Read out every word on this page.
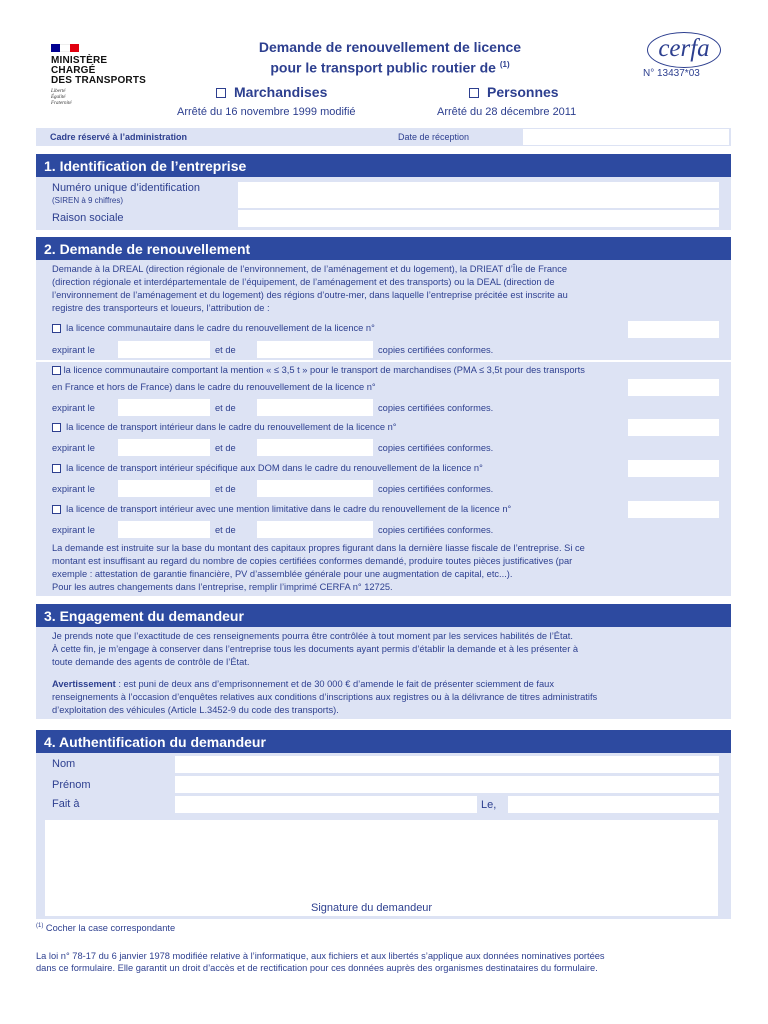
MINISTÈRE
CHARGÉ
DES TRANSPORTS
Liberté
Égalité
Fraternité
Demande de renouvellement de licence
pour le transport public routier de $^{(1)}$
cerfa
N° 13437*03
Marchandises
Arrêté du 16 novembre 1999 modifié
Personnes
Arrêté du 28 décembre 2011
Cadre réservé à l’administration	Date de réception
1. Identification de l’entreprise
Numéro unique d’identification
(SIREN à 9 chiffres)
Raison sociale
2. Demande de renouvellement
Demande à la DREAL (direction régionale de l’environnement, de l’aménagement et du logement), la DRIEAT d’Île de France
(direction régionale et interdépartementale de l’équipement, de l’aménagement et des transports) ou la DEAL (direction de
l’environnement de l’aménagement et du logement) des régions d’outre-mer, dans laquelle l’entreprise précitée est inscrite au
registre des transporteurs et loueurs, l’attribution de :
la licence communautaire dans le cadre du renouvellement de la licence n°
expirant le	et de	copies certifiées conformes.
la licence communautaire comportant la mention « ≤ 3,5 t » pour le transport de marchandises (PMA ≤ 3,5t pour des transports
en France et hors de France) dans le cadre du renouvellement de la licence n°
expirant le	et de	copies certifiées conformes.
la licence de transport intérieur dans le cadre du renouvellement de la licence n°
expirant le	et de	copies certifiées conformes.
la licence de transport intérieur spécifique aux DOM dans le cadre du renouvellement de la licence n°
expirant le	et de	copies certifiées conformes.
la licence de transport intérieur avec une mention limitative dans le cadre du renouvellement de la licence n°
expirant le	et de	copies certifiées conformes.
La demande est instruite sur la base du montant des capitaux propres figurant dans la dernière liasse fiscale de l’entreprise. Si ce
montant est insuffisant au regard du nombre de copies certifiées conformes demandé, produire toutes pièces justificatives (par
exemple : attestation de garantie financière, PV d’assemblée générale pour une augmentation de capital, etc...).
Pour les autres changements dans l’entreprise, remplir l’imprimé CERFA n° 12725.
3. Engagement du demandeur
Je prends note que l’exactitude de ces renseignements pourra être contrôlée à tout moment par les services habilités de l’État.
À cette fin, je m’engage à conserver dans l’entreprise tous les documents ayant permis d’établir la demande et à les présenter à
toute demande des agents de contrôle de l’État.
Avertissement : est puni de deux ans d’emprisonnement et de 30 000 € d’amende le fait de présenter sciemment de faux
renseignements à l’occasion d’enquêtes relatives aux conditions d’inscriptions aux registres ou à la délivrance de titres administratifs
d’exploitation des véhicules (Article L.3452-9 du code des transports).
4. Authentification du demandeur
Nom
Prénom
Fait à	Le,
Signature du demandeur
$^{(1)}$ Cocher la case correspondante
La loi n° 78-17 du 6 janvier 1978 modifiée relative à l’informatique, aux fichiers et aux libertés s’applique aux données nominatives portées
dans ce formulaire. Elle garantit un droit d’accès et de rectification pour ces données auprès des organismes destinataires du formulaire.
